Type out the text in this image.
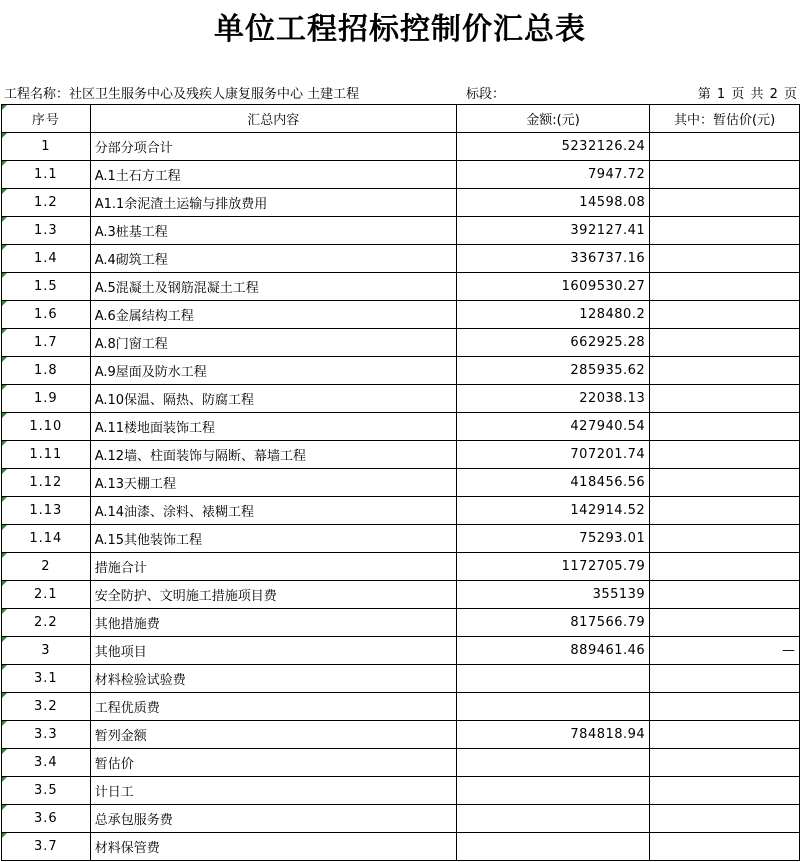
单位工程招标控制价汇总表
工程名称：社区卫生服务中心及残疾人康复服务中心 土建工程	标段：	第 1 页 共 2 页
序号	汇总内容	金额:(元)	其中：暂估价(元)
1	分部分项合计	5232126.24	
1.1	A.1土石方工程	7947.72	
1.2	A1.1余泥渣土运输与排放费用	14598.08	
1.3	A.3桩基工程	392127.41	
1.4	A.4砌筑工程	336737.16	
1.5	A.5混凝土及钢筋混凝土工程	1609530.27	
1.6	A.6金属结构工程	128480.2	
1.7	A.8门窗工程	662925.28	
1.8	A.9屋面及防水工程	285935.62	
1.9	A.10保温、隔热、防腐工程	22038.13	
1.10	A.11楼地面装饰工程	427940.54	
1.11	A.12墙、柱面装饰与隔断、幕墙工程	707201.74	
1.12	A.13天棚工程	418456.56	
1.13	A.14油漆、涂料、裱糊工程	142914.52	
1.14	A.15其他装饰工程	75293.01	
2	措施合计	1172705.79	
2.1	安全防护、文明施工措施项目费	355139	
2.2	其他措施费	817566.79	
3	其他项目	889461.46	—
3.1	材料检验试验费		
3.2	工程优质费		
3.3	暂列金额	784818.94	
3.4	暂估价		
3.5	计日工		
3.6	总承包服务费		
3.7	材料保管费		
